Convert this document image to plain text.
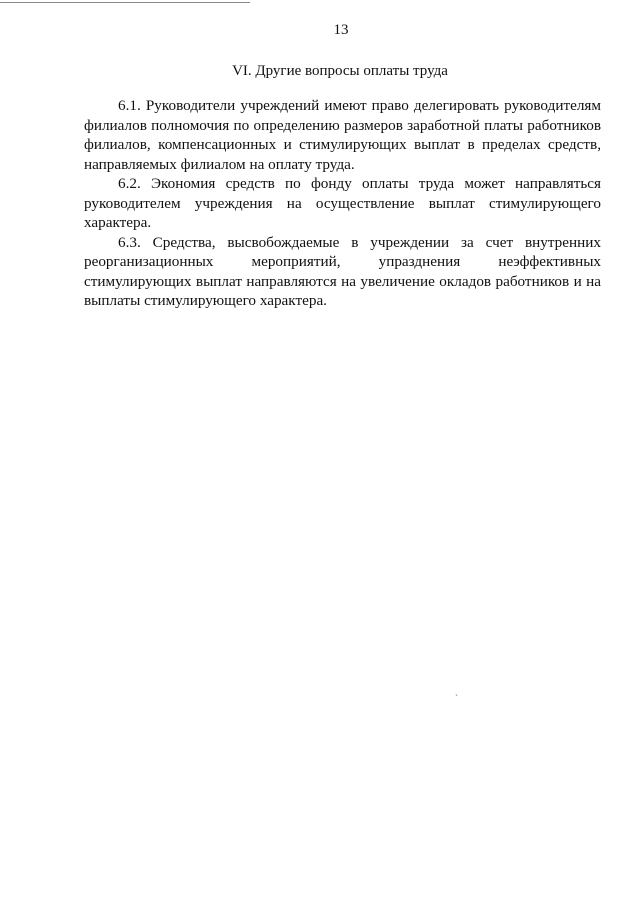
13
VI. Другие вопросы оплаты труда

6.1. Руководители учреждений имеют право делегировать руководителям филиалов полномочия по определению размеров заработной платы работников филиалов, компенсационных и стимулирующих выплат в пределах средств, направляемых филиалом на оплату труда.

6.2. Экономия средств по фонду оплаты труда может направляться руководителем учреждения на осуществление выплат стимулирующего характера.

6.3. Средства, высвобождаемые в учреждении за счет внутренних реорганизационных мероприятий, упразднения неэффективных стимулирующих выплат направляются на увеличение окладов работников и на выплаты стимулирующего характера.

ˎ
